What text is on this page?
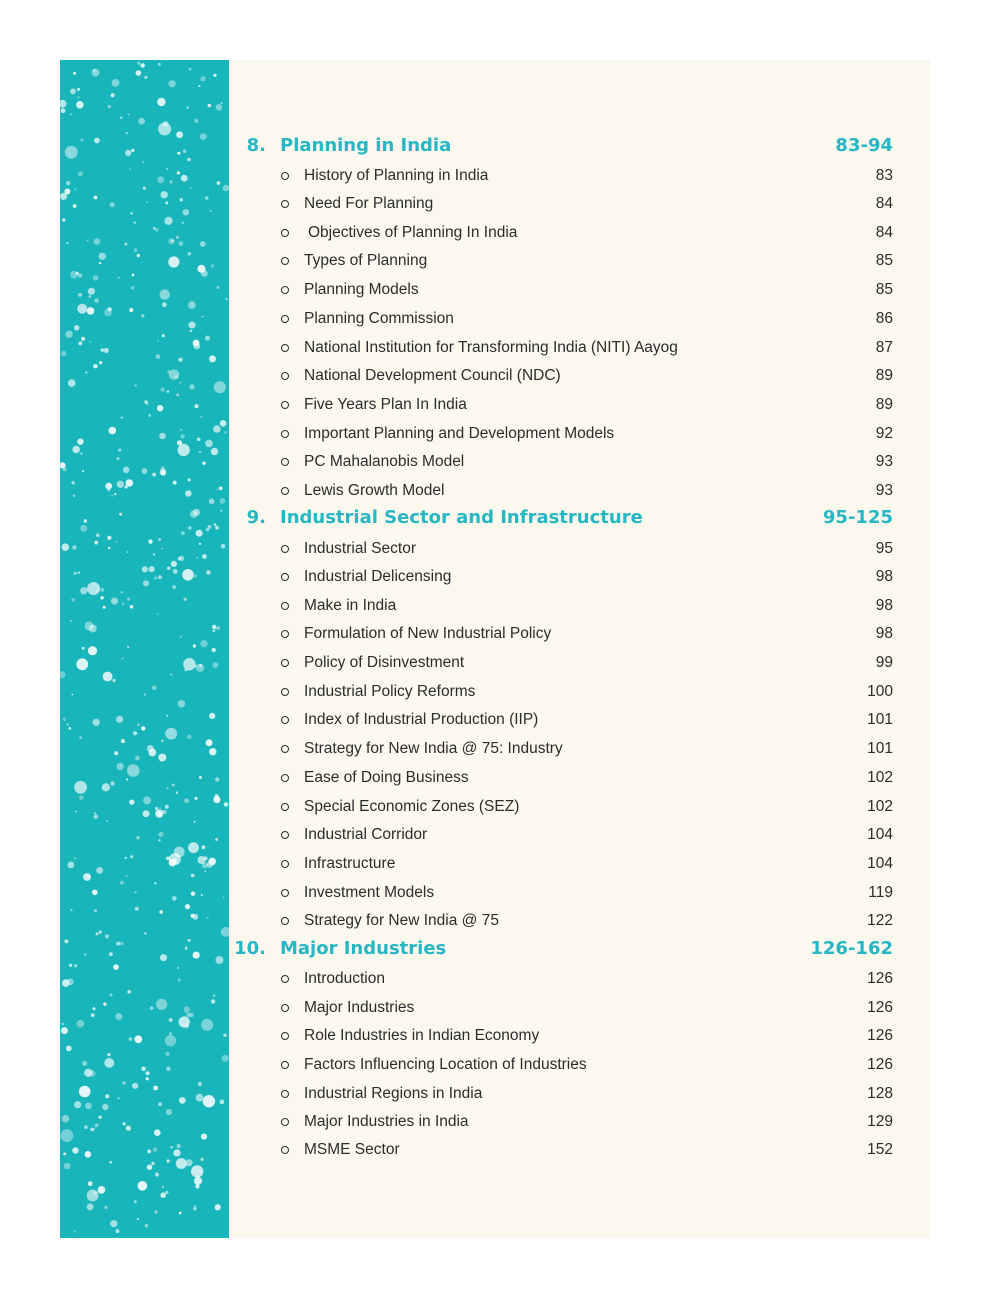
8. Planning in India	83-94
History of Planning in India	83
Need For Planning	84
Objectives of Planning In India	84
Types of Planning	85
Planning Models	85
Planning Commission	86
National Institution for Transforming India (NITI) Aayog	87
National Development Council (NDC)	89
Five Years Plan In India	89
Important Planning and Development Models	92
PC Mahalanobis Model	93
Lewis Growth Model	93
9. Industrial Sector and Infrastructure	95-125
Industrial Sector	95
Industrial Delicensing	98
Make in India	98
Formulation of New Industrial Policy	98
Policy of Disinvestment	99
Industrial Policy Reforms	100
Index of Industrial Production (IIP)	101
Strategy for New India @ 75: Industry	101
Ease of Doing Business	102
Special Economic Zones (SEZ)	102
Industrial Corridor	104
Infrastructure	104
Investment Models	119
Strategy for New India @ 75	122
10. Major Industries	126-162
Introduction	126
Major Industries	126
Role Industries in Indian Economy	126
Factors Influencing Location of Industries	126
Industrial Regions in India	128
Major Industries in India	129
MSME Sector	152
